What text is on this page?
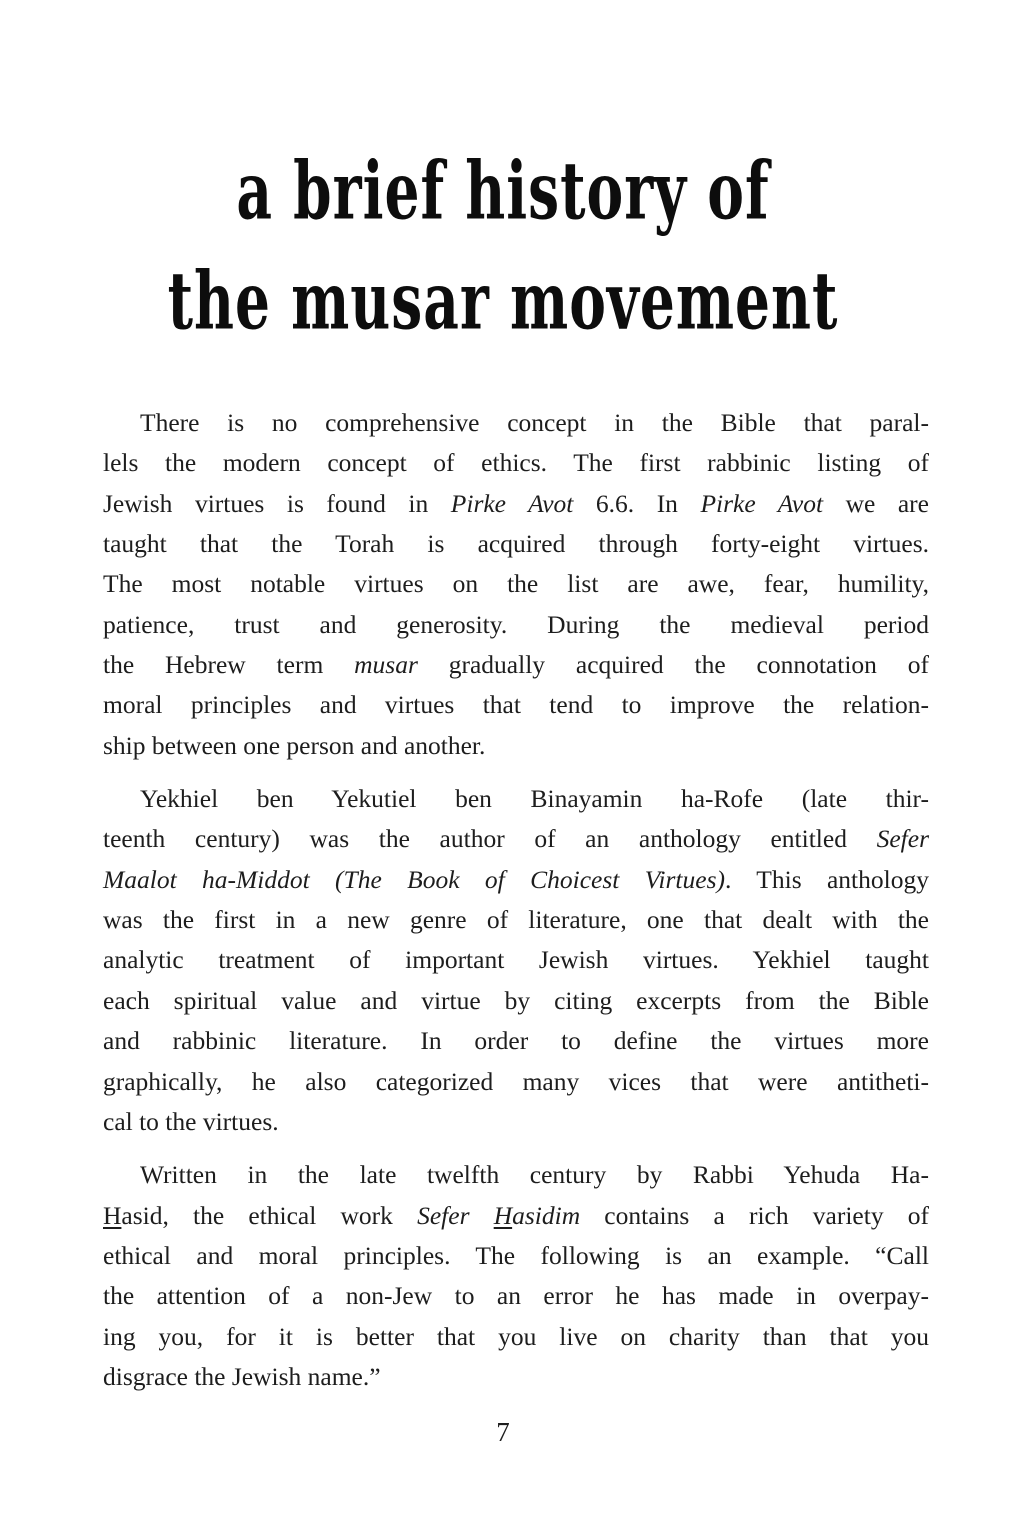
a brief history of
the musar movement
There is no comprehensive concept in the Bible that paral-
lels the modern concept of ethics. The first rabbinic listing of
Jewish virtues is found in Pirke Avot 6.6. In Pirke Avot we are
taught that the Torah is acquired through forty-eight virtues.
The most notable virtues on the list are awe, fear, humility,
patience, trust and generosity. During the medieval period
the Hebrew term musar gradually acquired the connotation of
moral principles and virtues that tend to improve the relation-
ship between one person and another.
Yekhiel ben Yekutiel ben Binayamin ha-Rofe (late thir-
teenth century) was the author of an anthology entitled Sefer
Maalot ha-Middot (The Book of Choicest Virtues). This anthology
was the first in a new genre of literature, one that dealt with the
analytic treatment of important Jewish virtues. Yekhiel taught
each spiritual value and virtue by citing excerpts from the Bible
and rabbinic literature. In order to define the virtues more
graphically, he also categorized many vices that were antitheti-
cal to the virtues.
Written in the late twelfth century by Rabbi Yehuda Ha-
Hasid, the ethical work Sefer Hasidim contains a rich variety of
ethical and moral principles. The following is an example. “Call
the attention of a non-Jew to an error he has made in overpay-
ing you, for it is better that you live on charity than that you
disgrace the Jewish name.”
7
